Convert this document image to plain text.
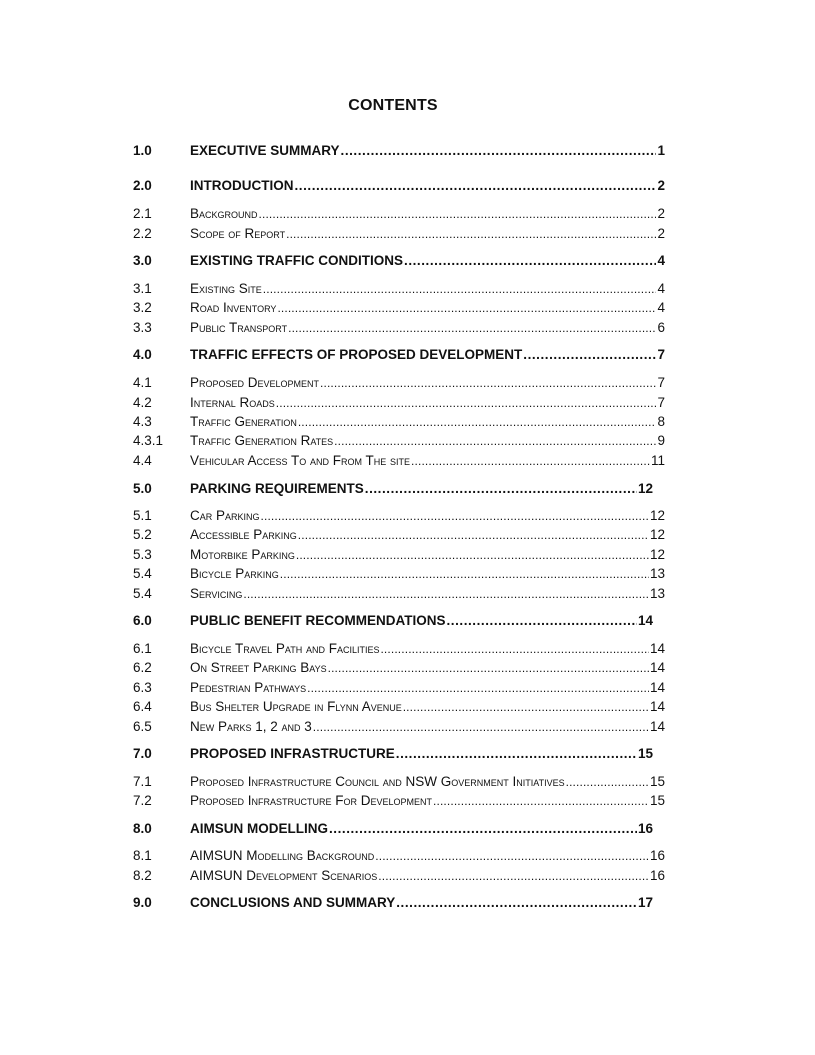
CONTENTS
1.0	EXECUTIVE SUMMARY . . .	1
2.0	INTRODUCTION . . .	2
2.1	Background . . .	2
2.2	Scope of Report . . .	2
3.0	EXISTING TRAFFIC CONDITIONS . . .	4
3.1	Existing Site . . .	4
3.2	Road Inventory . . .	4
3.3	Public Transport . . .	6
4.0	TRAFFIC EFFECTS OF PROPOSED DEVELOPMENT . . .	7
4.1	Proposed Development . . .	7
4.2	Internal Roads . . .	7
4.3	Traffic Generation . . .	8
4.3.1	Traffic Generation Rates . . .	9
4.4	Vehicular Access To and From The site . . .	11
5.0	PARKING REQUIREMENTS . . .	12
5.1	Car Parking . . .	12
5.2	Accessible Parking . . .	12
5.3	Motorbike Parking . . .	12
5.4	Bicycle Parking . . .	13
5.4	Servicing . . .	13
6.0	PUBLIC BENEFIT RECOMMENDATIONS . . .	14
6.1	Bicycle Travel Path and Facilities . . .	14
6.2	On Street Parking Bays . . .	14
6.3	Pedestrian Pathways . . .	14
6.4	Bus Shelter Upgrade in Flynn Avenue . . .	14
6.5	New Parks 1, 2 and 3 . . .	14
7.0	PROPOSED INFRASTRUCTURE . . .	15
7.1	Proposed Infrastructure Council and NSW Government Initiatives . . .	15
7.2	Proposed Infrastructure For Development . . .	15
8.0	AIMSUN MODELLING . . .	16
8.1	AIMSUN Modelling Background . . .	16
8.2	AIMSUN Development Scenarios . . .	16
9.0	CONCLUSIONS AND SUMMARY . . .	17
